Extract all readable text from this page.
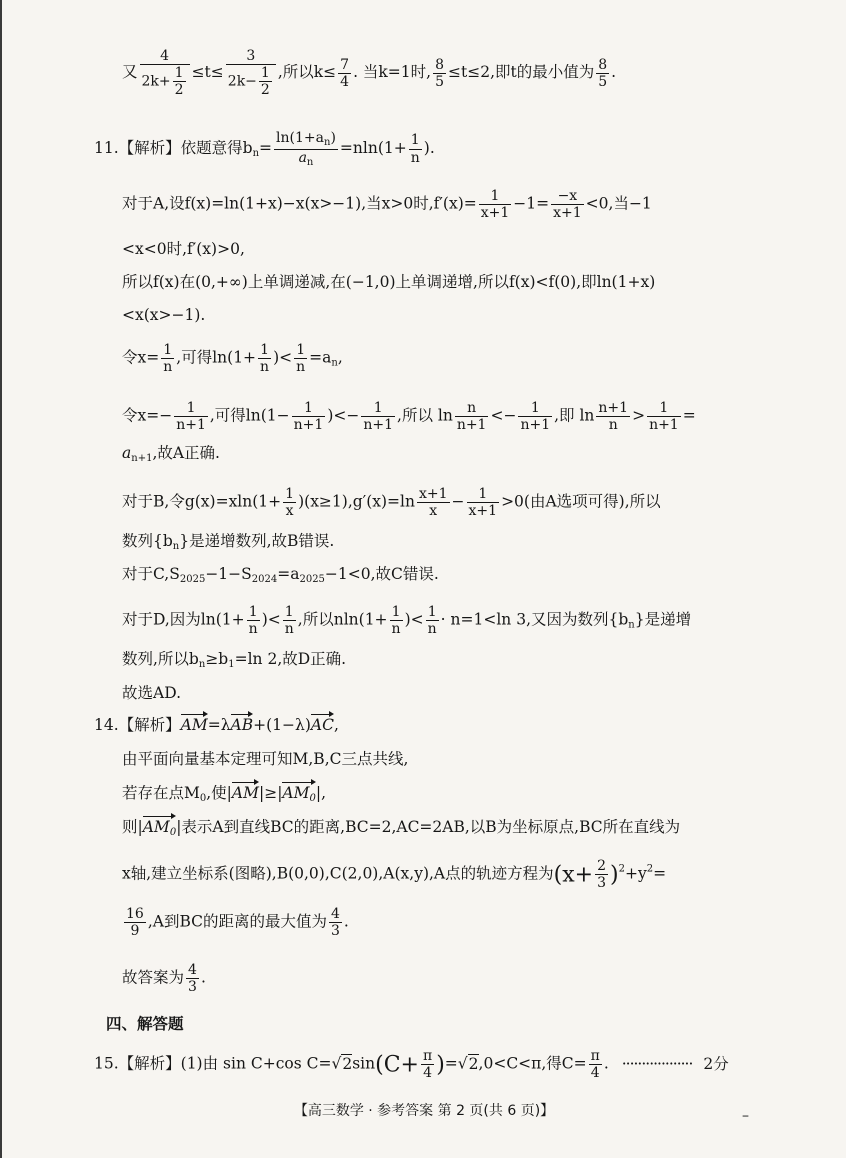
又 $\frac{4}{2k+ \frac{1}{2}} \le t\le \frac{3}{2k- \frac{1}{2}}$ ,所以$k\le \frac{7}{4}$ . 当k=1时, $\frac{8}{5} \le t\le 2$,即t的最小值为 $\frac{8}{5}$ .
11.【解析】依题意得$b_n= \frac{\ln(1+a_n)}{a_n} =nln(1+ \frac{1}{n}$ ).
对于A,设f(x)=ln(1+x)−x(x>−1),当x>0时$,f'(x)= \frac{1}{x+1} -1= \frac{-x}{x+1} <0$,当−1
<x<0时,f′(x)>0,
所以f(x)在(0,+∞)上单调递减,在(−1,0)上单调递增,所以f(x)<f(0),即ln(1+x)
<x(x>−1).
令$x= \frac{1}{n}$ ,可得$\ln(1+ \frac{1}{n}$ )< $\frac{1}{n} =a_n$,
令$x=- \frac{1}{n+1}$ ,可得$\ln(1- \frac{1}{n+1}$ )<− $\frac{1}{n+1}$ ,所以 $\ln \frac{n}{n+1} <- \frac{1}{n+1}$ ,即 $\ln \frac{n+1}{n} > \frac{1}{n+1}$ =
$a_{n+1}$,故A正确.
对于B,令$g(x)=xln(1+ \frac{1}{x} )(x\ge 1),g'(x)=\ln \frac{x+1}{x} - \frac{1}{x+1} >0$(由A选项可得),所以
数列$\{b_n\}$是递增数列,故B错误.
对于$C,S_{2025}-1-S_{2024}=a_{2025}-1<0$,故C错误.
对于D,因为$\ln(1+ \frac{1}{n}$ )< $\frac{1}{n}$ ,所以$nln(1+ \frac{1}{n}$ )< $\frac{1}{n} \cdot n=1<\ln$ 3,又因为数列$\{b_n\}$是递增
数列,所以$b_n\ge b_1=\ln$ 2,故D正确.
故选AD.
14.【解析】AM=λAB+(1−λ)AC,
由平面向量基本定理可知M,B,C三点共线,
若存在点$M_0$,使$|AM|\ge|AM_0|$,
则$|AM_0|$表示A到直线BC的距离,BC=2,AC=2AB,以B为坐标原点,BC所在直线为
x轴,建立坐标系(图略),B(0,0),C(2,0),A(x,y),A点的轨迹方程为$(x+ \frac{2}{3} )^2+y^2=$
$\frac{16}{9} ,A$到BC的距离的最大值为 $\frac{4}{3}$ .
故答案为 $\frac{4}{3}$ .
四、解答题
15.【解析】(1)由 sin C+cos $C=√2\sin(C+ \frac{\pi}{4} )=√2,0<C<\pi$,得$C= \frac{\pi}{4}$ . ·················· 2分
【高三数学 · 参考答案 第 2 页(共 6 页)】	–
